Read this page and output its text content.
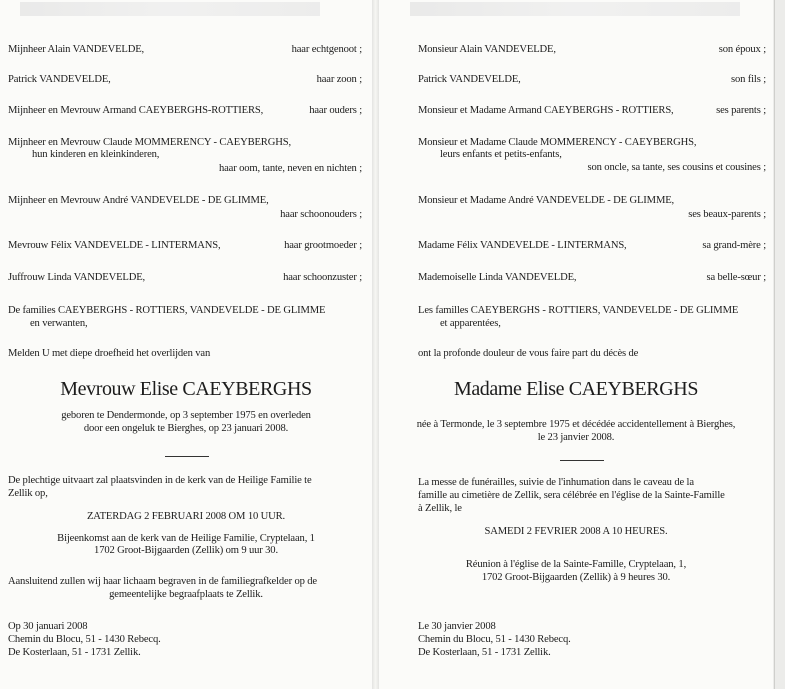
Mijnheer Alain VANDEVELDE,	haar echtgenoot ;
Patrick VANDEVELDE,	haar zoon ;
Mijnheer en Mevrouw Armand CAEYBERGHS-ROTTIERS,	haar ouders ;
Mijnheer en Mevrouw Claude MOMMERENCY - CAEYBERGHS,
hun kinderen en kleinkinderen,
haar oom, tante, neven en nichten ;
Mijnheer en Mevrouw André VANDEVELDE - DE GLIMME,
haar schoonouders ;
Mevrouw Félix VANDEVELDE - LINTERMANS,	haar grootmoeder ;
Juffrouw Linda VANDEVELDE,	haar schoonzuster ;
De families CAEYBERGHS - ROTTIERS, VANDEVELDE - DE GLIMME
en verwanten,
Melden U met diepe droefheid het overlijden van
Mevrouw Elise CAEYBERGHS
geboren te Dendermonde, op 3 september 1975 en overleden
door een ongeluk te Bierghes, op 23 januari 2008.
De plechtige uitvaart zal plaatsvinden in de kerk van de Heilige Familie te
Zellik op,
ZATERDAG 2 FEBRUARI 2008 OM 10 UUR.
Bijeenkomst aan de kerk van de Heilige Familie, Cryptelaan, 1
1702 Groot-Bijgaarden (Zellik) om 9 uur 30.
Aansluitend zullen wij haar lichaam begraven in de familiegrafkelder op de
gemeentelijke begraafplaats te Zellik.
Op 30 januari 2008
Chemin du Blocu, 51 - 1430 Rebecq.
De Kosterlaan, 51 - 1731 Zellik.
Monsieur Alain VANDEVELDE,	son époux ;
Patrick VANDEVELDE,	son fils ;
Monsieur et Madame Armand CAEYBERGHS - ROTTIERS,	ses parents ;
Monsieur et Madame Claude MOMMERENCY - CAEYBERGHS,
leurs enfants et petits-enfants,
son oncle, sa tante, ses cousins et cousines ;
Monsieur et Madame André VANDEVELDE - DE GLIMME,
ses beaux-parents ;
Madame Félix VANDEVELDE - LINTERMANS,	sa grand-mère ;
Mademoiselle Linda VANDEVELDE,	sa belle-sœur ;
Les familles CAEYBERGHS - ROTTIERS, VANDEVELDE - DE GLIMME
et apparentées,
ont la profonde douleur de vous faire part du décès de
Madame Elise CAEYBERGHS
née à Termonde, le 3 septembre 1975 et décédée accidentellement à Bierghes,
le 23 janvier 2008.
La messe de funérailles, suivie de l'inhumation dans le caveau de la
famille au cimetière de Zellik, sera célébrée en l'église de la Sainte-Famille
à Zellik, le
SAMEDI 2 FEVRIER 2008 A 10 HEURES.
Réunion à l'église de la Sainte-Famille, Cryptelaan, 1,
1702 Groot-Bijgaarden (Zellik) à 9 heures 30.
Le 30 janvier 2008
Chemin du Blocu, 51 - 1430 Rebecq.
De Kosterlaan, 51 - 1731 Zellik.
